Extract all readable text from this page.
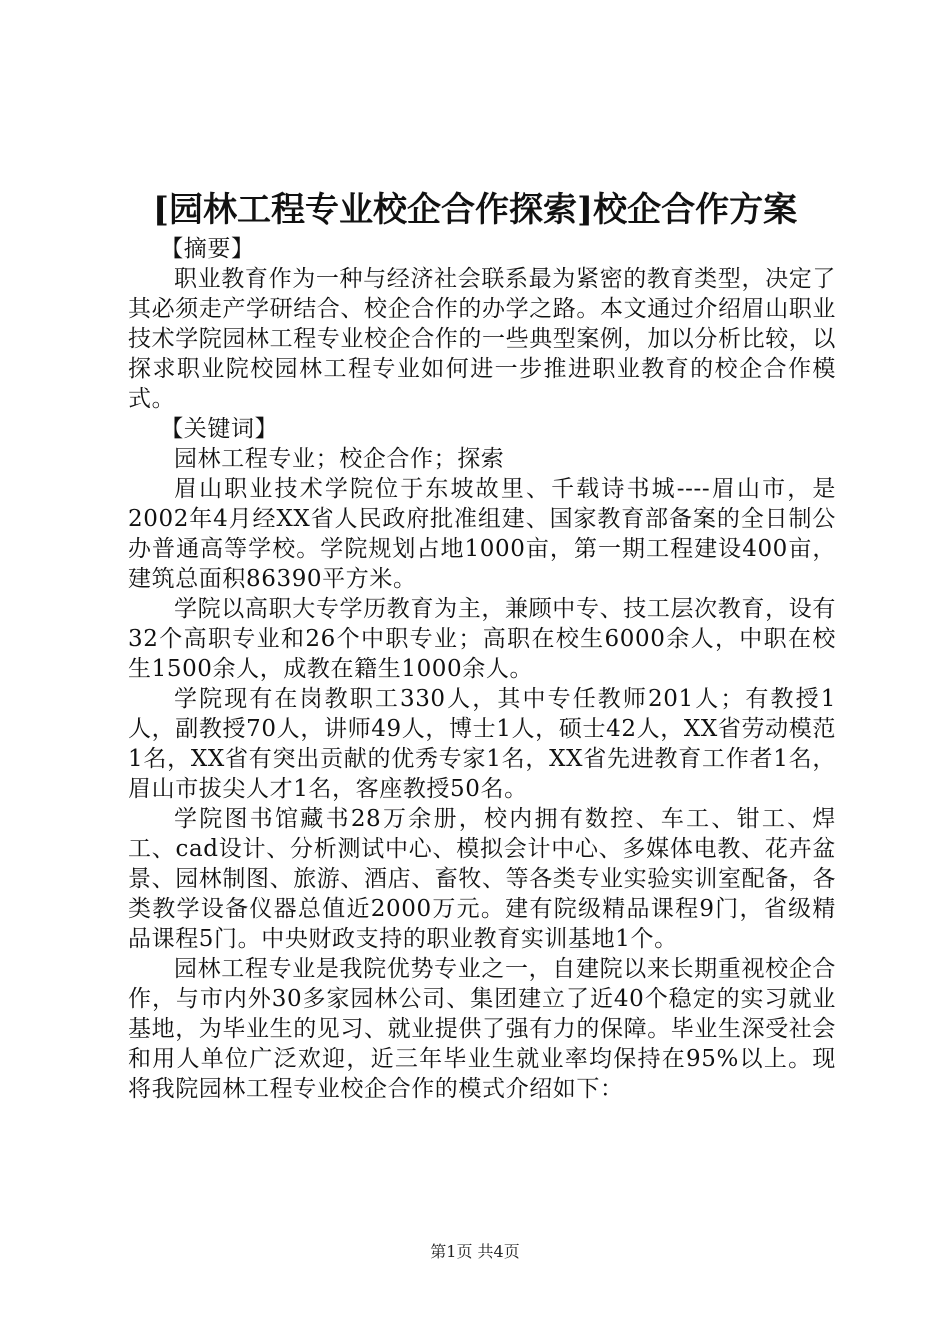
[园林工程专业校企合作探索]校企合作方案

【摘要】

职业教育作为一种与经济社会联系最为紧密的教育类型，决定了其必须走产学研结合、校企合作的办学之路。本文通过介绍眉山职业技术学院园林工程专业校企合作的一些典型案例，加以分析比较，以探求职业院校园林工程专业如何进一步推进职业教育的校企合作模式。

【关键词】

园林工程专业；校企合作；探索

眉山职业技术学院位于东坡故里、千载诗书城----眉山市，是2002年4月经XX省人民政府批准组建、国家教育部备案的全日制公办普通高等学校。学院规划占地1000亩，第一期工程建设400亩，建筑总面积86390平方米。

学院以高职大专学历教育为主，兼顾中专、技工层次教育，设有32个高职专业和26个中职专业；高职在校生6000余人，中职在校生1500余人，成教在籍生1000余人。

学院现有在岗教职工330人，其中专任教师201人；有教授1人，副教授70人，讲师49人，博士1人，硕士42人，XX省劳动模范1名，XX省有突出贡献的优秀专家1名，XX省先进教育工作者1名，眉山市拔尖人才1名，客座教授50名。

学院图书馆藏书28万余册，校内拥有数控、车工、钳工、焊工、cad设计、分析测试中心、模拟会计中心、多媒体电教、花卉盆景、园林制图、旅游、酒店、畜牧、等各类专业实验实训室配备，各类教学设备仪器总值近2000万元。建有院级精品课程9门，省级精品课程5门。中央财政支持的职业教育实训基地1个。

园林工程专业是我院优势专业之一，自建院以来长期重视校企合作，与市内外30多家园林公司、集团建立了近40个稳定的实习就业基地，为毕业生的见习、就业提供了强有力的保障。毕业生深受社会和用人单位广泛欢迎，近三年毕业生就业率均保持在95%以上。现将我院园林工程专业校企合作的模式介绍如下：

第1页 共4页
